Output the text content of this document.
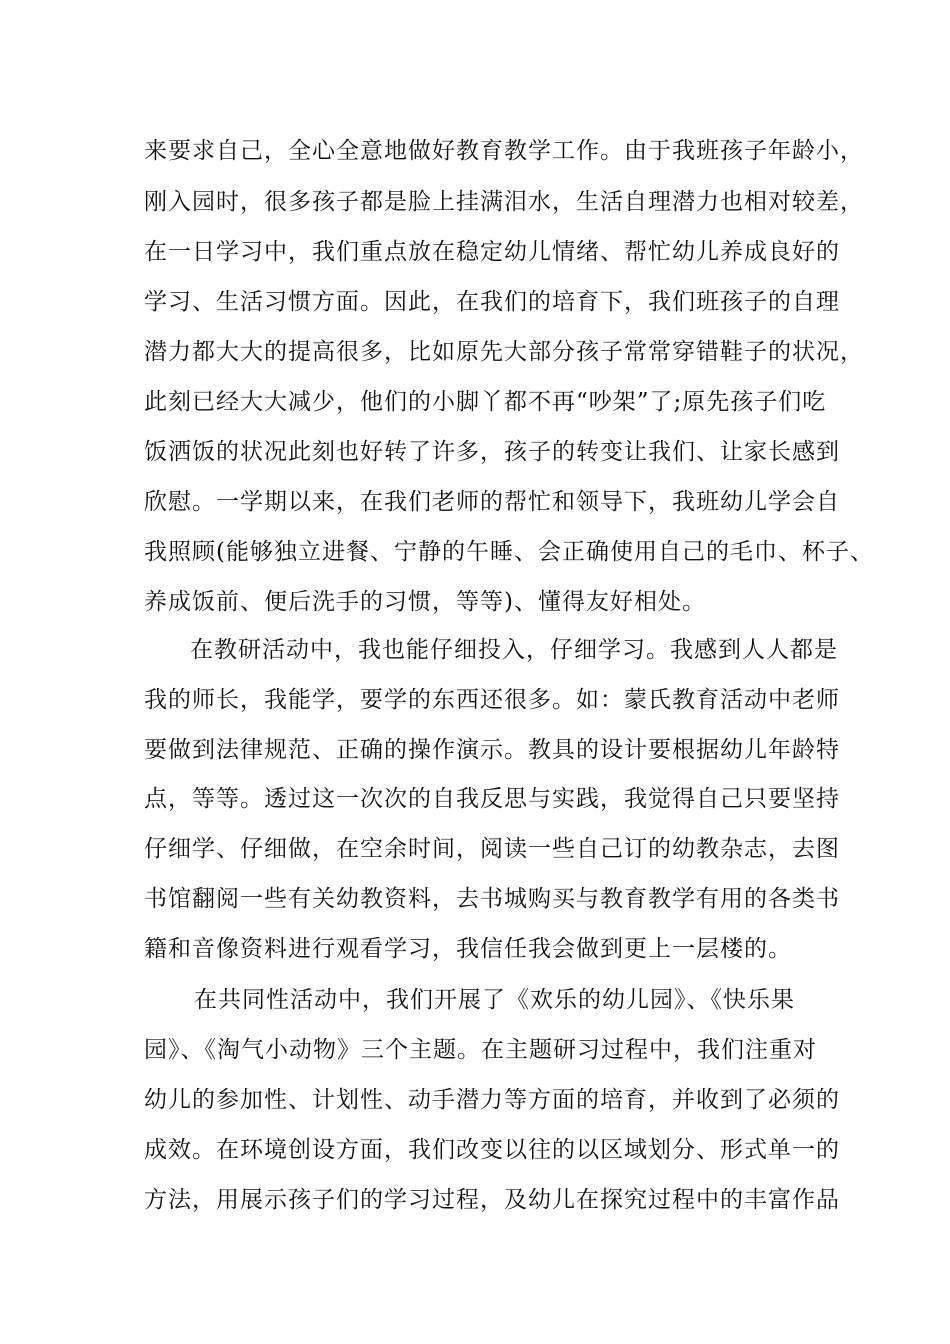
来要求自己，全心全意地做好教育教学工作。由于我班孩子年龄小，
刚入园时，很多孩子都是脸上挂满泪水，生活自理潜力也相对较差，
在一日学习中，我们重点放在稳定幼儿情绪、帮忙幼儿养成良好的
学习、生活习惯方面。因此，在我们的培育下，我们班孩子的自理
潜力都大大的提高很多，比如原先大部分孩子常常穿错鞋子的状况，
此刻已经大大减少，他们的小脚丫都不再“吵架”了;原先孩子们吃
饭洒饭的状况此刻也好转了许多，孩子的转变让我们、让家长感到
欣慰。一学期以来，在我们老师的帮忙和领导下，我班幼儿学会自
我照顾(能够独立进餐、宁静的午睡、会正确使用自己的毛巾、杯子、
养成饭前、便后洗手的习惯，等等)、懂得友好相处。
在教研活动中，我也能仔细投入，仔细学习。我感到人人都是
我的师长，我能学，要学的东西还很多。如：蒙氏教育活动中老师
要做到法律规范、正确的操作演示。教具的设计要根据幼儿年龄特
点，等等。透过这一次次的自我反思与实践，我觉得自己只要坚持
仔细学、仔细做，在空余时间，阅读一些自己订的幼教杂志，去图
书馆翻阅一些有关幼教资料，去书城购买与教育教学有用的各类书
籍和音像资料进行观看学习，我信任我会做到更上一层楼的。
在共同性活动中，我们开展了《欢乐的幼儿园》、《快乐果
园》、《淘气小动物》三个主题。在主题研习过程中，我们注重对
幼儿的参加性、计划性、动手潜力等方面的培育，并收到了必须的
成效。在环境创设方面，我们改变以往的以区域划分、形式单一的
方法，用展示孩子们的学习过程，及幼儿在探究过程中的丰富作品
